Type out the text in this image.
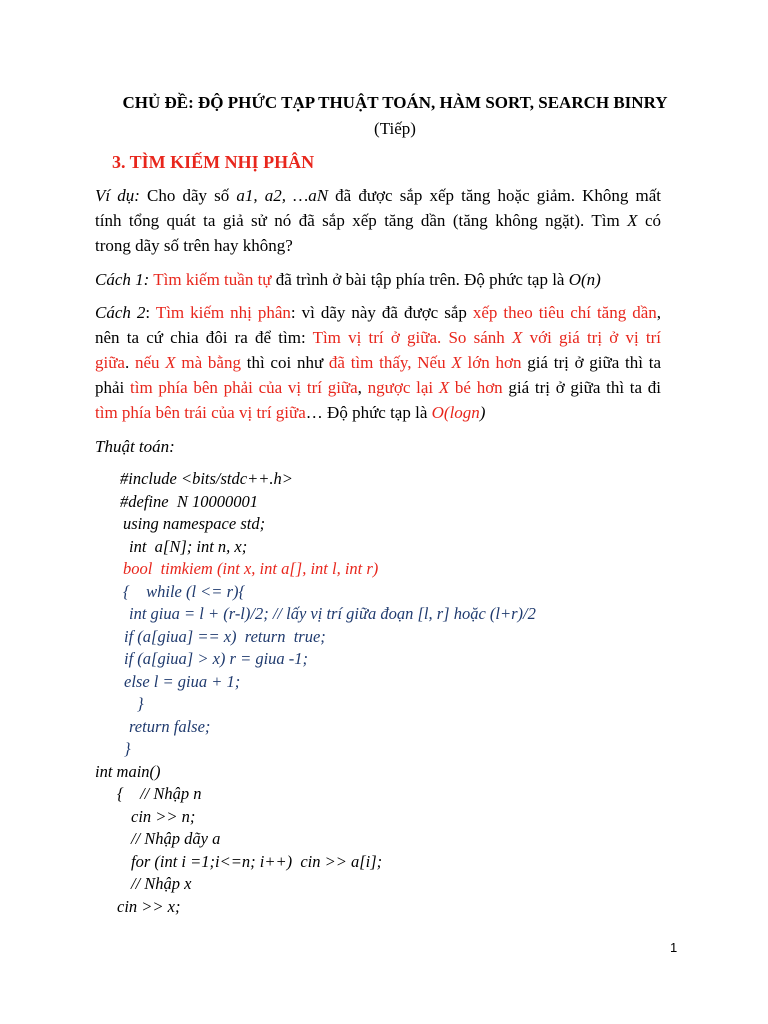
CHỦ ĐỀ: ĐỘ PHỨC TẠP THUẬT TOÁN, HÀM SORT, SEARCH BINRY
(Tiếp)
3. TÌM KIẾM NHỊ PHÂN
Ví dụ: Cho dãy số a1, a2, …aN đã được sắp xếp tăng hoặc giảm. Không mất
tính tổng quát ta giả sử nó đã sắp xếp tăng dần (tăng không ngặt). Tìm X có
trong dãy số trên hay không?
Cách 1: Tìm kiếm tuần tự đã trình ở bài tập phía trên. Độ phức tạp là O(n)
Cách 2: Tìm kiếm nhị phân: vì dãy này đã được sắp xếp theo tiêu chí tăng dần,
nên ta cứ chia đôi ra để tìm: Tìm vị trí ở giữa. So sánh X với giá trị ở vị trí
giữa. nếu X mà bằng thì coi như đã tìm thấy, Nếu X lớn hơn giá trị ở giữa thì ta
phải tìm phía bên phải của vị trí giữa, ngược lại X bé hơn giá trị ở giữa thì ta đi
tìm phía bên trái của vị trí giữa… Độ phức tạp là O(logn)
Thuật toán:
#include <bits/stdc++.h>
#define  N 10000001
using namespace std;
int  a[N]; int n, x;
bool  timkiem (int x, int a[], int l, int r)
{    while (l <= r){
int giua = l + (r-l)/2; // lấy vị trí giữa đoạn [l, r] hoặc (l+r)/2
if (a[giua] == x)  return  true;
if (a[giua] > x) r = giua -1;
else l = giua + 1;
}
return false;
}
int main()
{    // Nhập n
cin >> n;
// Nhập dãy a
for (int i =1;i<=n; i++)  cin >> a[i];
// Nhập x
cin >> x;
1
